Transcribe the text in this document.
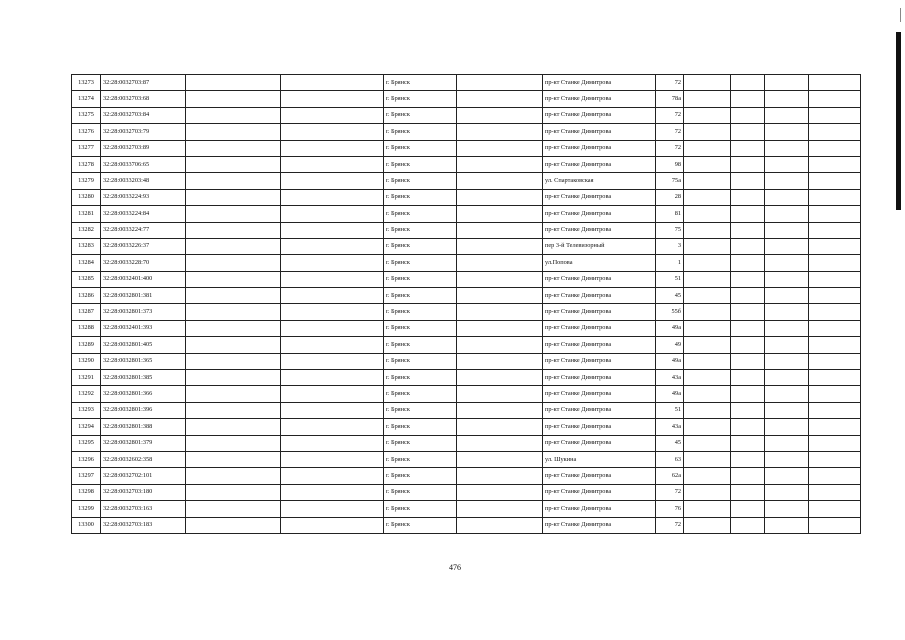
13273	32:28:0032703:87			г. Брянск		пр-кт Станке Димитрова	72				
13274	32:28:0032703:68			г. Брянск		пр-кт Станке Димитрова	78а				
13275	32:28:0032703:84			г. Брянск		пр-кт Станке Димитрова	72				
13276	32:28:0032703:79			г. Брянск		пр-кт Станке Димитрова	72				
13277	32:28:0032703:89			г. Брянск		пр-кт Станке Димитрова	72				
13278	32:28:0033706:65			г. Брянск		пр-кт Станке Димитрова	98				
13279	32:28:0033203:48			г. Брянск		ул. Спартаковская	75а				
13280	32:28:0033224:93			г. Брянск		пр-кт Станке Димитрова	28				
13281	32:28:0033224:84			г. Брянск		пр-кт Станке Димитрова	81				
13282	32:28:0033224:77			г. Брянск		пр-кт Станке Димитрова	75				
13283	32:28:0033226:37			г. Брянск		пер 3-й Телевизорный	3				
13284	32:28:0033228:70			г. Брянск		ул.Попова	1				
13285	32:28:0032401:400			г. Брянск		пр-кт Станке Димитрова	51				
13286	32:28:0032801:381			г. Брянск		пр-кт Станке Димитрова	45				
13287	32:28:0032801:373			г. Брянск		пр-кт Станке Димитрова	55б				
13288	32:28:0032401:393			г. Брянск		пр-кт Станке Димитрова	49а				
13289	32:28:0032801:405			г. Брянск		пр-кт Станке Димитрова	49				
13290	32:28:0032801:365			г. Брянск		пр-кт Станке Димитрова	49а				
13291	32:28:0032801:385			г. Брянск		пр-кт Станке Димитрова	43а				
13292	32:28:0032801:366			г. Брянск		пр-кт Станке Димитрова	49а				
13293	32:28:0032801:396			г. Брянск		пр-кт Станке Димитрова	51				
13294	32:28:0032801:388			г. Брянск		пр-кт Станке Димитрова	43а				
13295	32:28:0032801:379			г. Брянск		пр-кт Станке Димитрова	45				
13296	32:28:0032602:358			г. Брянск		ул. Шукина	63				
13297	32:28:0032702:101			г. Брянск		пр-кт Станке Димитрова	62а				
13298	32:28:0032703:180			г. Брянск		пр-кт Станке Димитрова	72				
13299	32:28:0032703:163			г. Брянск		пр-кт Станке Димитрова	76				
13300	32:28:0032703:183			г. Брянск		пр-кт Станке Димитрова	72				
476
